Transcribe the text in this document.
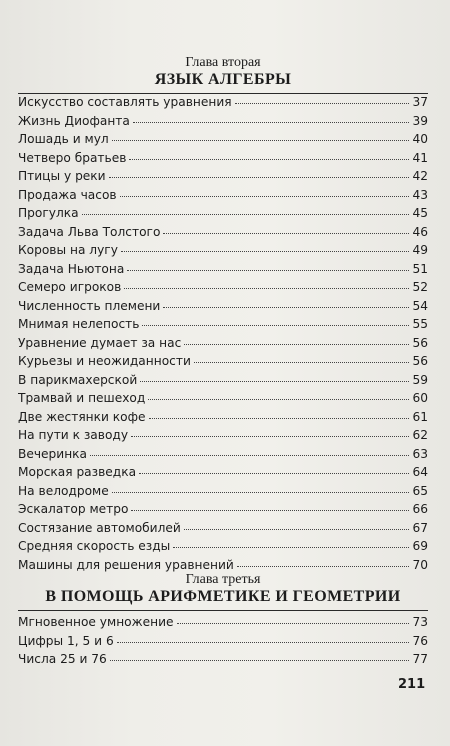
Глава вторая
ЯЗЫК АЛГЕБРЫ
Искусство составлять уравнения	37
Жизнь Диофанта	39
Лошадь и мул	40
Четверо братьев	41
Птицы у реки	42
Продажа часов	43
Прогулка	45
Задача Льва Толстого	46
Коровы на лугу	49
Задача Ньютона	51
Семеро игроков	52
Численность племени	54
Мнимая нелепость	55
Уравнение думает за нас	56
Курьезы и неожиданности	56
В парикмахерской	59
Трамвай и пешеход	60
Две жестянки кофе	61
На пути к заводу	62
Вечеринка	63
Морская разведка	64
На велодроме	65
Эскалатор метро	66
Состязание автомобилей	67
Средняя скорость езды	69
Машины для решения уравнений	70
Глава третья
В ПОМОЩЬ АРИФМЕТИКЕ И ГЕОМЕТРИИ
Мгновенное умножение	73
Цифры 1, 5 и 6	76
Числа 25 и 76	77
211
